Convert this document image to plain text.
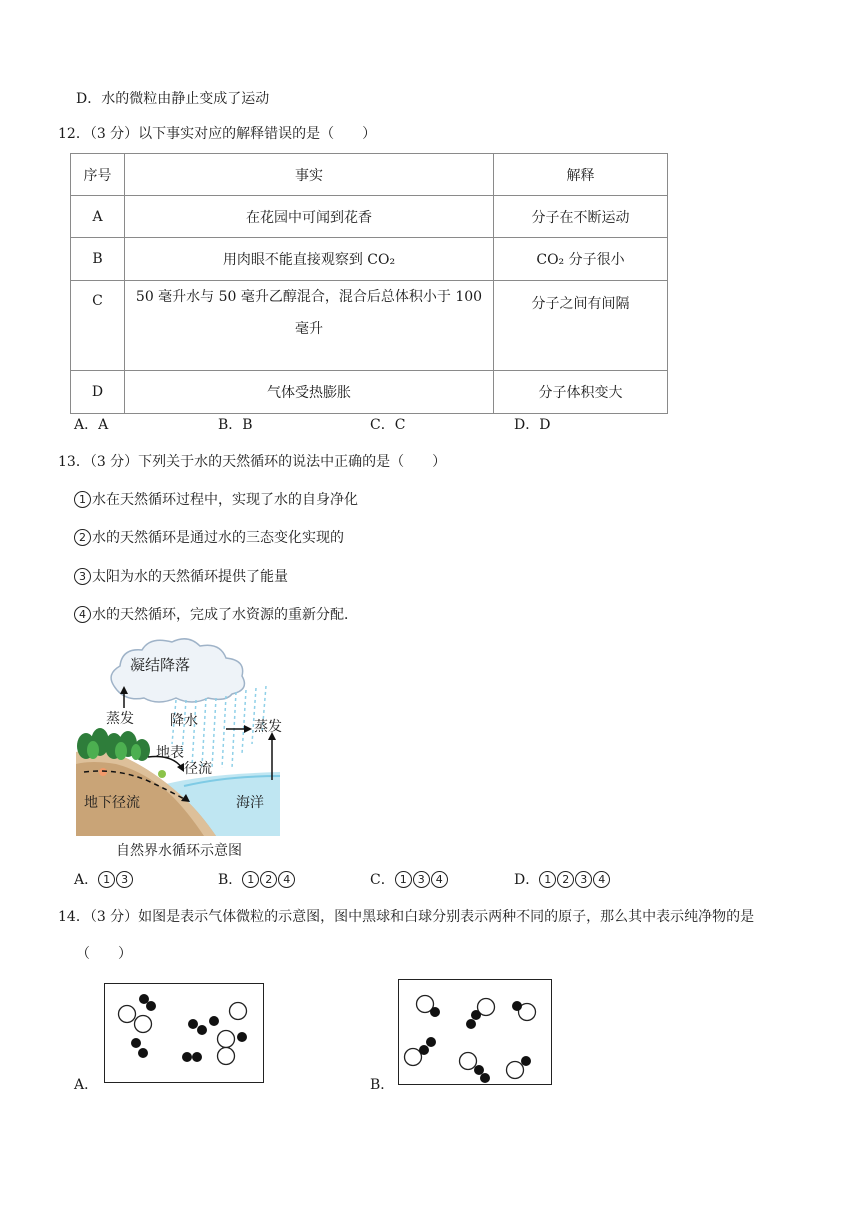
D．水的微粒由静止变成了运动
12．（3 分）以下事实对应的解释错误的是（　　）
序号	事实	解释
A	在花园中可闻到花香	分子在不断运动
B	用肉眼不能直接观察到 CO₂	CO₂ 分子很小
C	50 毫升水与 50 毫升乙醇混合，混合后总体积小于 100 毫升	分子之间有间隔
D	气体受热膨胀	分子体积变大
A．A	B．B	C．C	D．D
13．（3 分）下列关于水的天然循环的说法中正确的是（　　）
1 水在天然循环过程中，实现了水的自身净化
2 水的天然循环是通过水的三态变化实现的
3 太阳为水的天然循环提供了能量
4 水的天然循环，完成了水资源的重新分配．
凝结降落
蒸发	降水	蒸发
地表
径流
地下径流	海洋
自然界水循环示意图
A． 1 3	B． 1 2 4	C． 1 3 4	D． 1 2 3 4
14．（3 分）如图是表示气体微粒的示意图，图中黑球和白球分别表示两种不同的原子，那么其中表示纯净物的是
（　　）
A．	B．
